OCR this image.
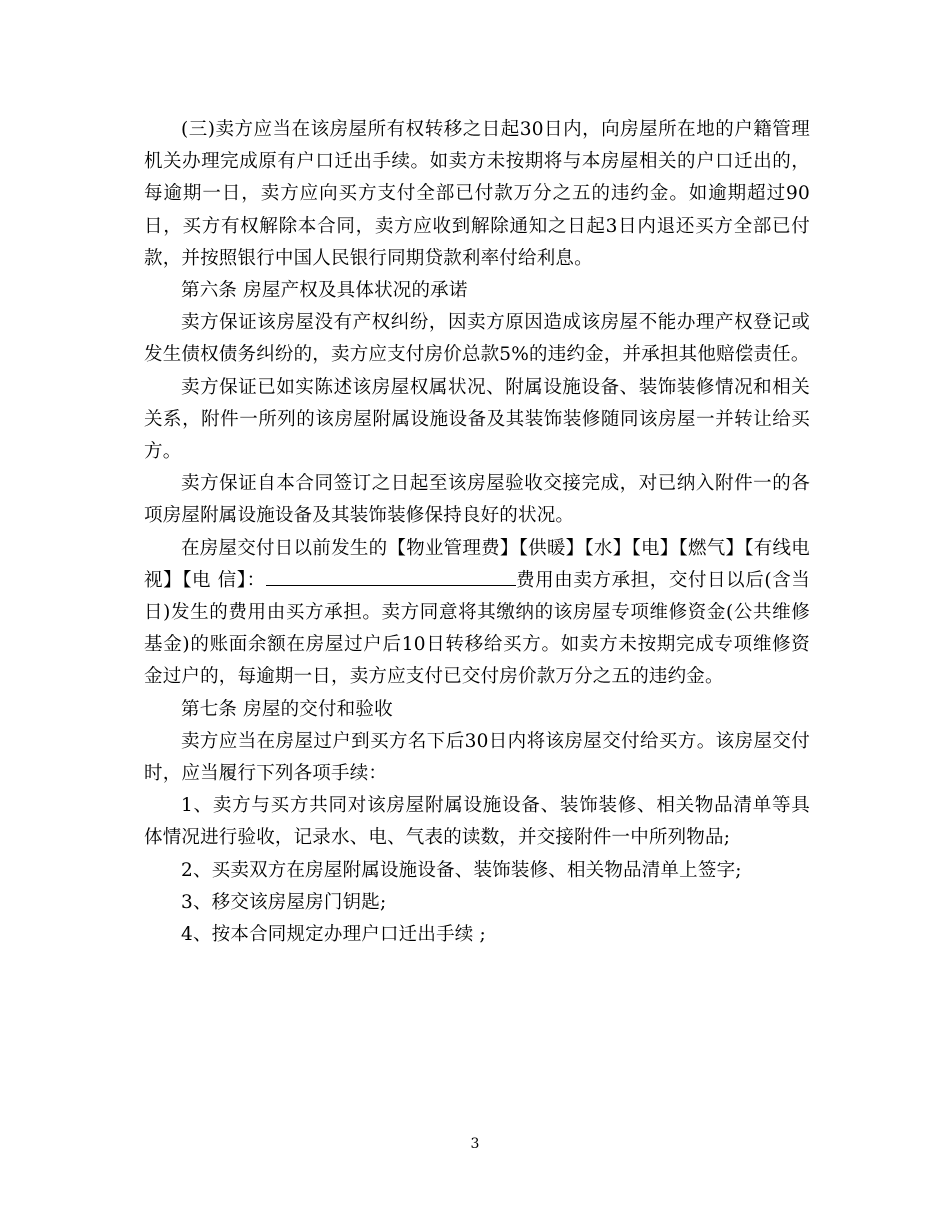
(三)卖方应当在该房屋所有权转移之日起30日内，向房屋所在地的户籍管理机关办理完成原有户口迁出手续。如卖方未按期将与本房屋相关的户口迁出的，每逾期一日，卖方应向买方支付全部已付款万分之五的违约金。如逾期超过90日，买方有权解除本合同，卖方应收到解除通知之日起3日内退还买方全部已付款，并按照银行中国人民银行同期贷款利率付给利息。

第六条 房屋产权及具体状况的承诺

卖方保证该房屋没有产权纠纷，因卖方原因造成该房屋不能办理产权登记或发生债权债务纠纷的，卖方应支付房价总款5%的违约金，并承担其他赔偿责任。

卖方保证已如实陈述该房屋权属状况、附属设施设备、装饰装修情况和相关关系，附件一所列的该房屋附属设施设备及其装饰装修随同该房屋一并转让给买方。

卖方保证自本合同签订之日起至该房屋验收交接完成，对已纳入附件一的各项房屋附属设施设备及其装饰装修保持良好的状况。

在房屋交付日以前发生的【物业管理费】【供暖】【水】【电】【燃气】【有线电视】【电 信】：	费用由卖方承担，交付日以后(含当日)发生的费用由买方承担。卖方同意将其缴纳的该房屋专项维修资金(公共维修基金)的账面余额在房屋过户后10日转移给买方。如卖方未按期完成专项维修资金过户的，每逾期一日，卖方应支付已交付房价款万分之五的违约金。

第七条 房屋的交付和验收

卖方应当在房屋过户到买方名下后30日内将该房屋交付给买方。该房屋交付时，应当履行下列各项手续：

1、卖方与买方共同对该房屋附属设施设备、装饰装修、相关物品清单等具体情况进行验收，记录水、电、气表的读数，并交接附件一中所列物品;

2、买卖双方在房屋附属设施设备、装饰装修、相关物品清单上签字;

3、移交该房屋房门钥匙;

4、按本合同规定办理户口迁出手续 ;

3
